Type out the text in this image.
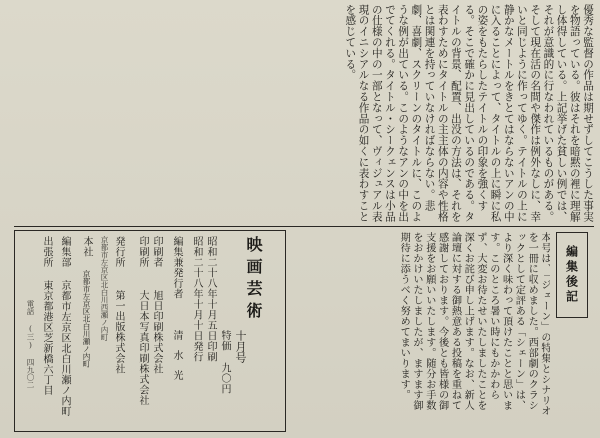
優秀な監督の作品は期せずしてこうした事実を物語っている。彼はそれを暗黙の裡に理解し体得している。上記挙げた貧しい例では、それが意識的に行なわれているものがある。そして現在活の名間や傑作は例外なしに、幸いと同じように作ってゆく。テイトルの上に静かなメートルをきとてはならないアンの中に入ることによって、タイトルの上に瞬に私の姿をもたらしたテイトルの印象を強くする。そこで確かに見出しているのである。タイトルの背景、配置、出没の方法は、それを表わすためにタイトルの主主体の内容や性格とは関連を持っていなければならない。悲劇、喜劇、スクリーンのタイトルに、このような例が出ている。このようなアンの中を出でてくれる。タイトル・シークェンスは小品の仕様の中の一部となって、ヴィジュアル表現のイニシアルなる作品の如くに表わすことを感じている。
編集後記
本号は、「ジェーン」の特集とシナリオを一冊に収めました。西部劇のクラシックとして定評ある「シェーン」は、より深く味わって頂けたことと思います。このところ暑い時にもかかわらず、大変お待たせいたしましたことを深くお詫び申し上げます。なお、新人論壇に対する御熱意ある投稿を重ねて感謝しております。今後とも皆様の御支援をお願いいたします。随分お手数をおかけいたしましたが、ますます御期待に添うべく努めてまいります。
映画芸術
十月号
特価 九〇円
昭和二十八年十月五日印刷
昭和二十八年十月十日発行
編集兼発行者
清水光
印刷者
旭日印刷株式会社
印刷所
大日本写真印刷株式会社
発行所
第一出版株式会社
京都市左京区北白川西瀬ノ内町
本社
京都市左京区北白川瀬ノ内町
編集部
京都市左京区北白川瀬ノ内町
出張所
東京都港区芝新橋六丁目
電話 (三) 四九〇二
